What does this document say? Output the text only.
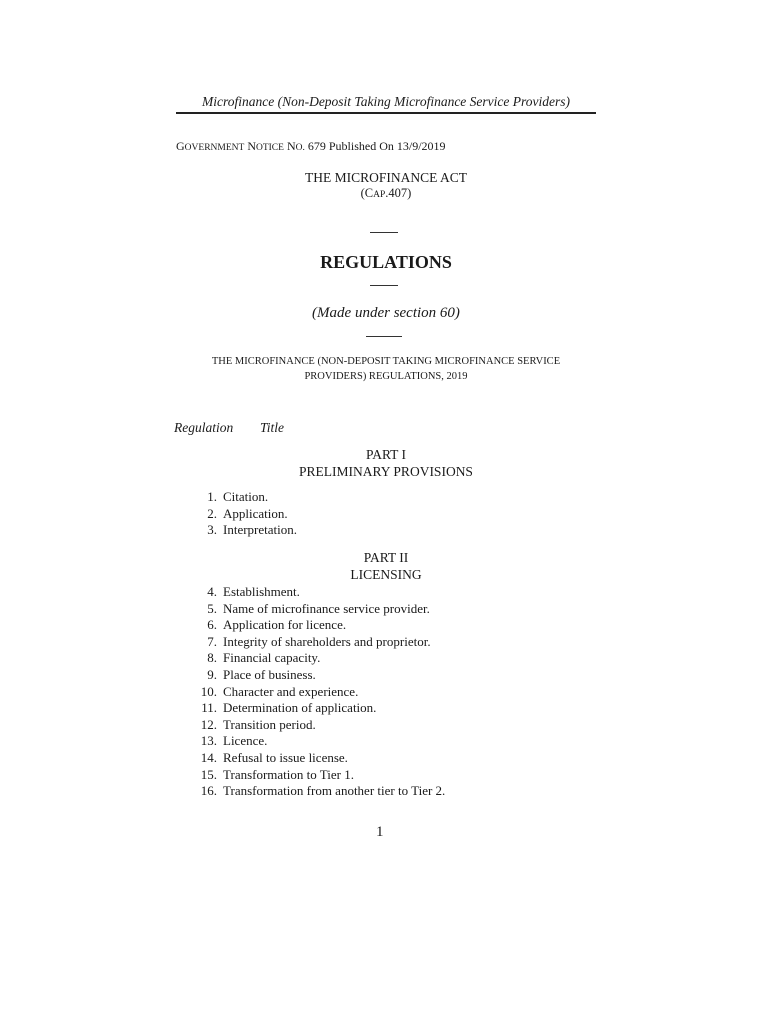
Microfinance (Non-Deposit Taking Microfinance Service Providers)
GOVERNMENT NOTICE NO. 679 Published On 13/9/2019
THE MICROFINANCE ACT
(CAP.407)
REGULATIONS
(Made under section 60)
THE MICROFINANCE (NON-DEPOSIT TAKING MICROFINANCE SERVICE
PROVIDERS) REGULATIONS, 2019
Regulation Title
PART I
PRELIMINARY PROVISIONS
1. Citation.
2. Application.
3. Interpretation.
PART II
LICENSING
4. Establishment.
5. Name of microfinance service provider.
6. Application for licence.
7. Integrity of shareholders and proprietor.
8. Financial capacity.
9. Place of business.
10. Character and experience.
11. Determination of application.
12. Transition period.
13. Licence.
14. Refusal to issue license.
15. Transformation to Tier 1.
16. Transformation from another tier to Tier 2.
1
